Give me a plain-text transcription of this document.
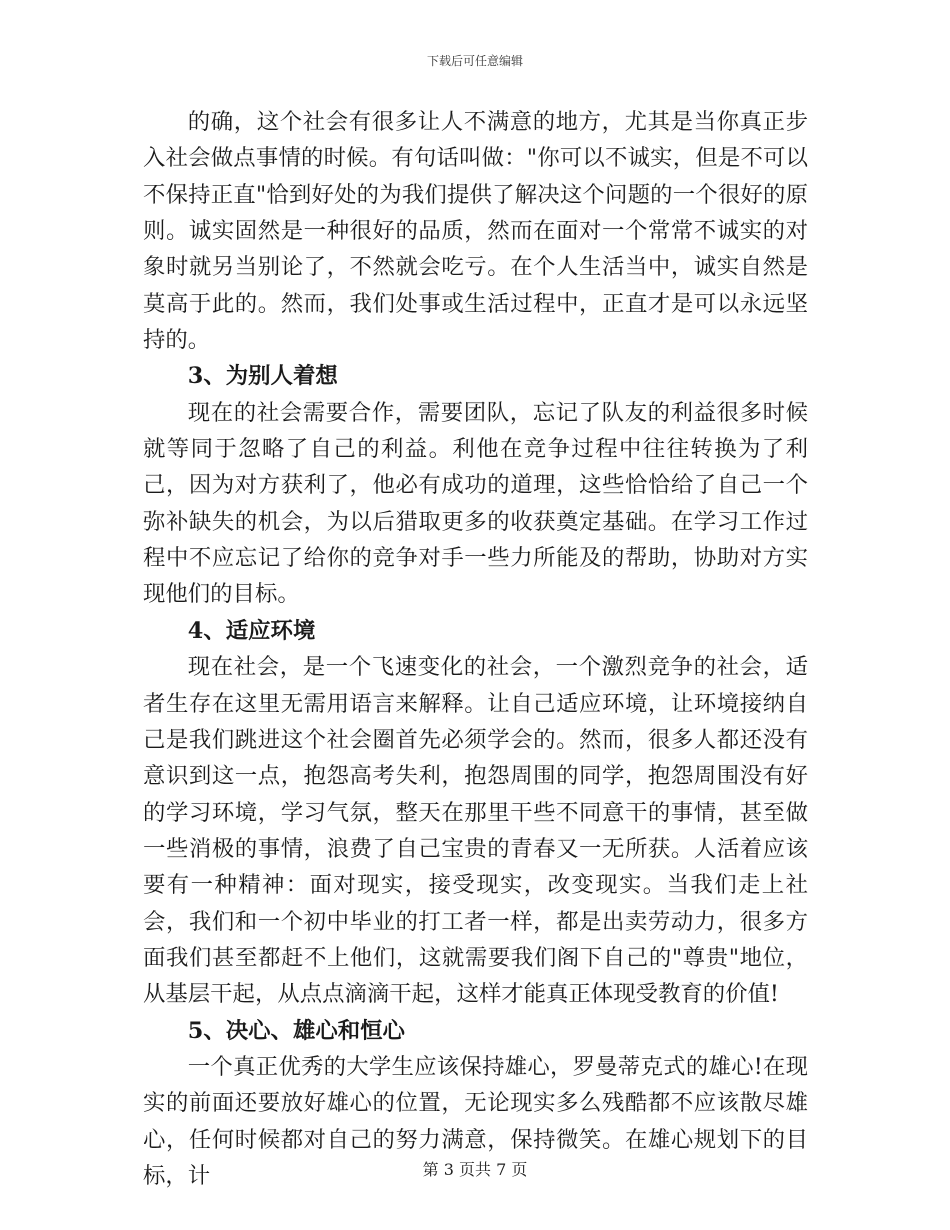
下载后可任意编辑

的确，这个社会有很多让人不满意的地方，尤其是当你真正步入社会做点事情的时候。有句话叫做："你可以不诚实，但是不可以不保持正直"恰到好处的为我们提供了解决这个问题的一个很好的原则。诚实固然是一种很好的品质，然而在面对一个常常不诚实的对象时就另当别论了，不然就会吃亏。在个人生活当中，诚实自然是莫高于此的。然而，我们处事或生活过程中，正直才是可以永远坚持的。

3、为别人着想

现在的社会需要合作，需要团队，忘记了队友的利益很多时候就等同于忽略了自己的利益。利他在竞争过程中往往转换为了利己，因为对方获利了，他必有成功的道理，这些恰恰给了自己一个弥补缺失的机会，为以后猎取更多的收获奠定基础。在学习工作过程中不应忘记了给你的竞争对手一些力所能及的帮助，协助对方实现他们的目标。

4、适应环境

现在社会，是一个飞速变化的社会，一个激烈竞争的社会，适者生存在这里无需用语言来解释。让自己适应环境，让环境接纳自己是我们跳进这个社会圈首先必须学会的。然而，很多人都还没有意识到这一点，抱怨高考失利，抱怨周围的同学，抱怨周围没有好的学习环境，学习气氛，整天在那里干些不同意干的事情，甚至做一些消极的事情，浪费了自己宝贵的青春又一无所获。人活着应该要有一种精神：面对现实，接受现实，改变现实。当我们走上社会，我们和一个初中毕业的打工者一样，都是出卖劳动力，很多方面我们甚至都赶不上他们，这就需要我们阁下自己的"尊贵"地位，从基层干起，从点点滴滴干起，这样才能真正体现受教育的价值!

5、决心、雄心和恒心

一个真正优秀的大学生应该保持雄心，罗曼蒂克式的雄心!在现实的前面还要放好雄心的位置，无论现实多么残酷都不应该散尽雄心，任何时候都对自己的努力满意，保持微笑。在雄心规划下的目标，计	第 3 页共 7 页
